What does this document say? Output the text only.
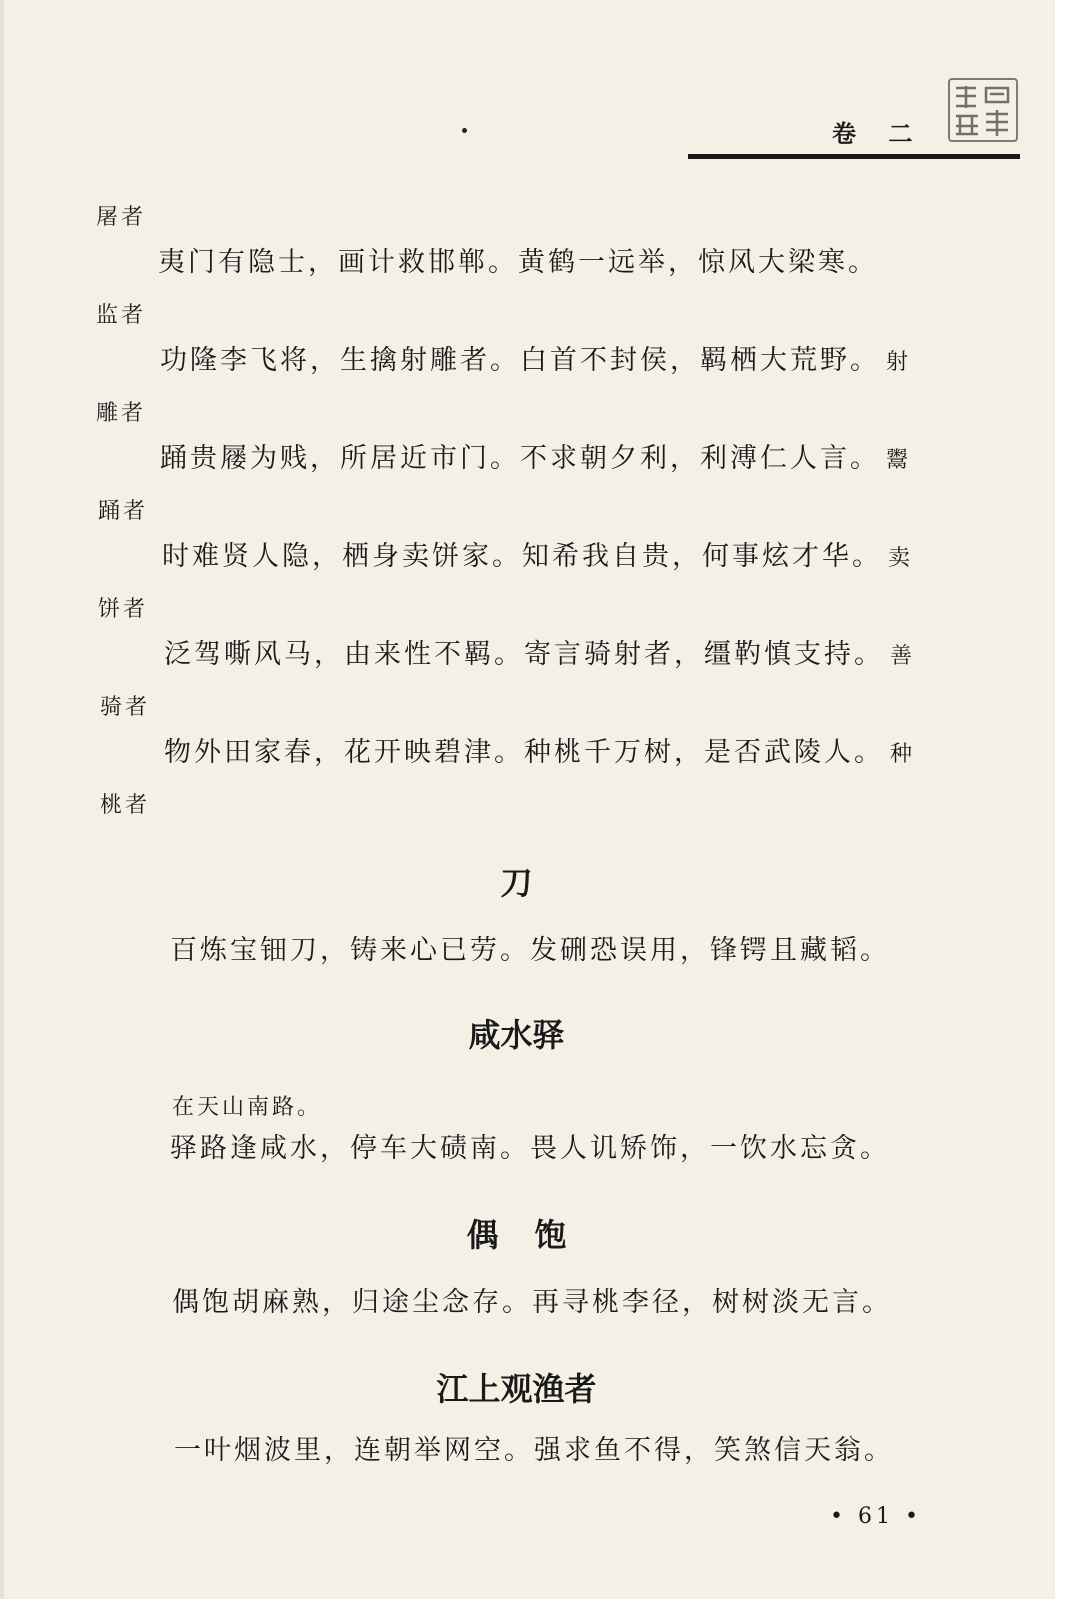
卷 二
屠者
夷门有隐士，画计救邯郸。黄鹤一远举，惊风大梁寒。
监者
功隆李飞将，生擒射雕者。白首不封侯，羁栖大荒野。 射
雕者
踊贵屦为贱，所居近市门。不求朝夕利，利溥仁人言。 鬻
踊者
时难贤人隐，栖身卖饼家。知希我自贵，何事炫才华。 卖
饼者
泛驾嘶风马，由来性不羁。寄言骑射者，缰靮慎支持。 善
骑者
物外田家春，花开映碧津。种桃千万树，是否武陵人。 种
桃者
刀
百炼宝钿刀，铸来心已劳。发硎恐误用，锋锷且藏韬。
咸水驿
在天山南路。
驿路逢咸水，停车大碛南。畏人讥矫饰，一饮水忘贪。
偶饱
偶饱胡麻熟，归途尘念存。再寻桃李径，树树淡无言。
江上观渔者
一叶烟波里，连朝举网空。强求鱼不得，笑煞信天翁。
• 61 •
